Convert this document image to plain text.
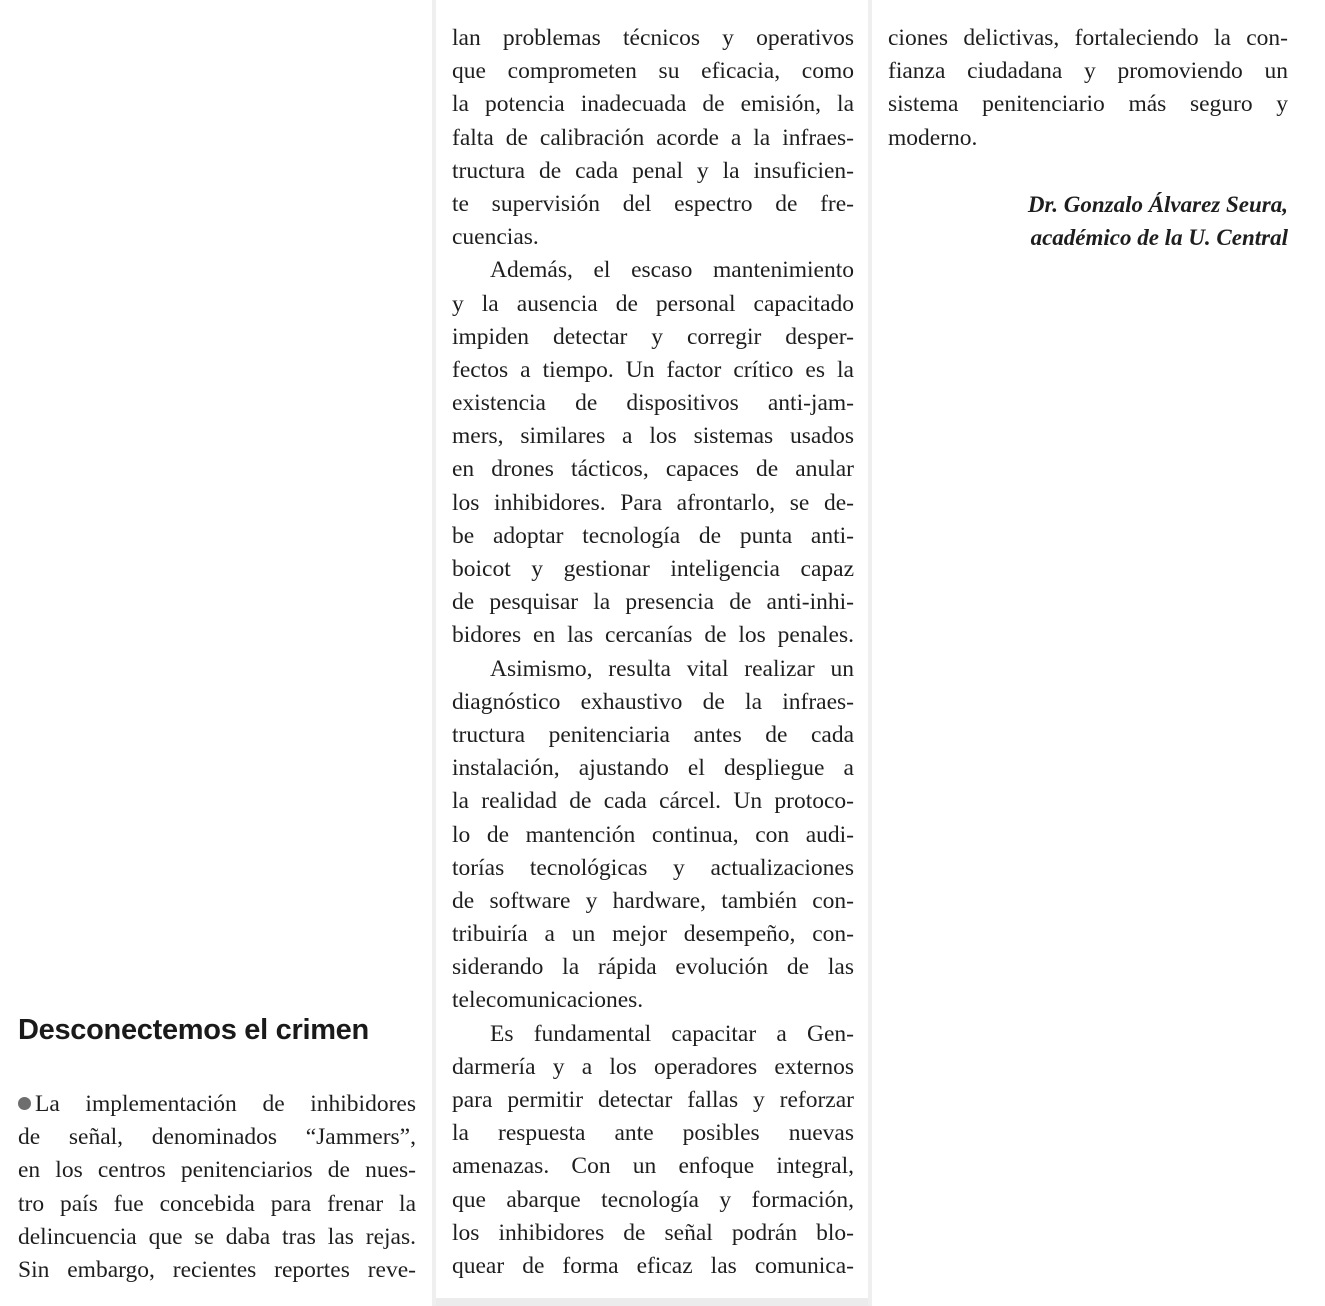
Desconectemos el crimen
La implementación de inhibidores
de señal, denominados “Jammers”,
en los centros penitenciarios de nues-
tro país fue concebida para frenar la
delincuencia que se daba tras las rejas.
Sin embargo, recientes reportes reve-
lan problemas técnicos y operativos
que comprometen su eficacia, como
la potencia inadecuada de emisión, la
falta de calibración acorde a la infraes-
tructura de cada penal y la insuficien-
te supervisión del espectro de fre-
cuencias.
Además, el escaso mantenimiento
y la ausencia de personal capacitado
impiden detectar y corregir desper-
fectos a tiempo. Un factor crítico es la
existencia de dispositivos anti-jam-
mers, similares a los sistemas usados
en drones tácticos, capaces de anular
los inhibidores. Para afrontarlo, se de-
be adoptar tecnología de punta anti-
boicot y gestionar inteligencia capaz
de pesquisar la presencia de anti-inhi-
bidores en las cercanías de los penales.
Asimismo, resulta vital realizar un
diagnóstico exhaustivo de la infraes-
tructura penitenciaria antes de cada
instalación, ajustando el despliegue a
la realidad de cada cárcel. Un protoco-
lo de mantención continua, con audi-
torías tecnológicas y actualizaciones
de software y hardware, también con-
tribuiría a un mejor desempeño, con-
siderando la rápida evolución de las
telecomunicaciones.
Es fundamental capacitar a Gen-
darmería y a los operadores externos
para permitir detectar fallas y reforzar
la respuesta ante posibles nuevas
amenazas. Con un enfoque integral,
que abarque tecnología y formación,
los inhibidores de señal podrán blo-
quear de forma eficaz las comunica-
ciones delictivas, fortaleciendo la con-
fianza ciudadana y promoviendo un
sistema penitenciario más seguro y
moderno.
Dr. Gonzalo Álvarez Seura,
académico de la U. Central
